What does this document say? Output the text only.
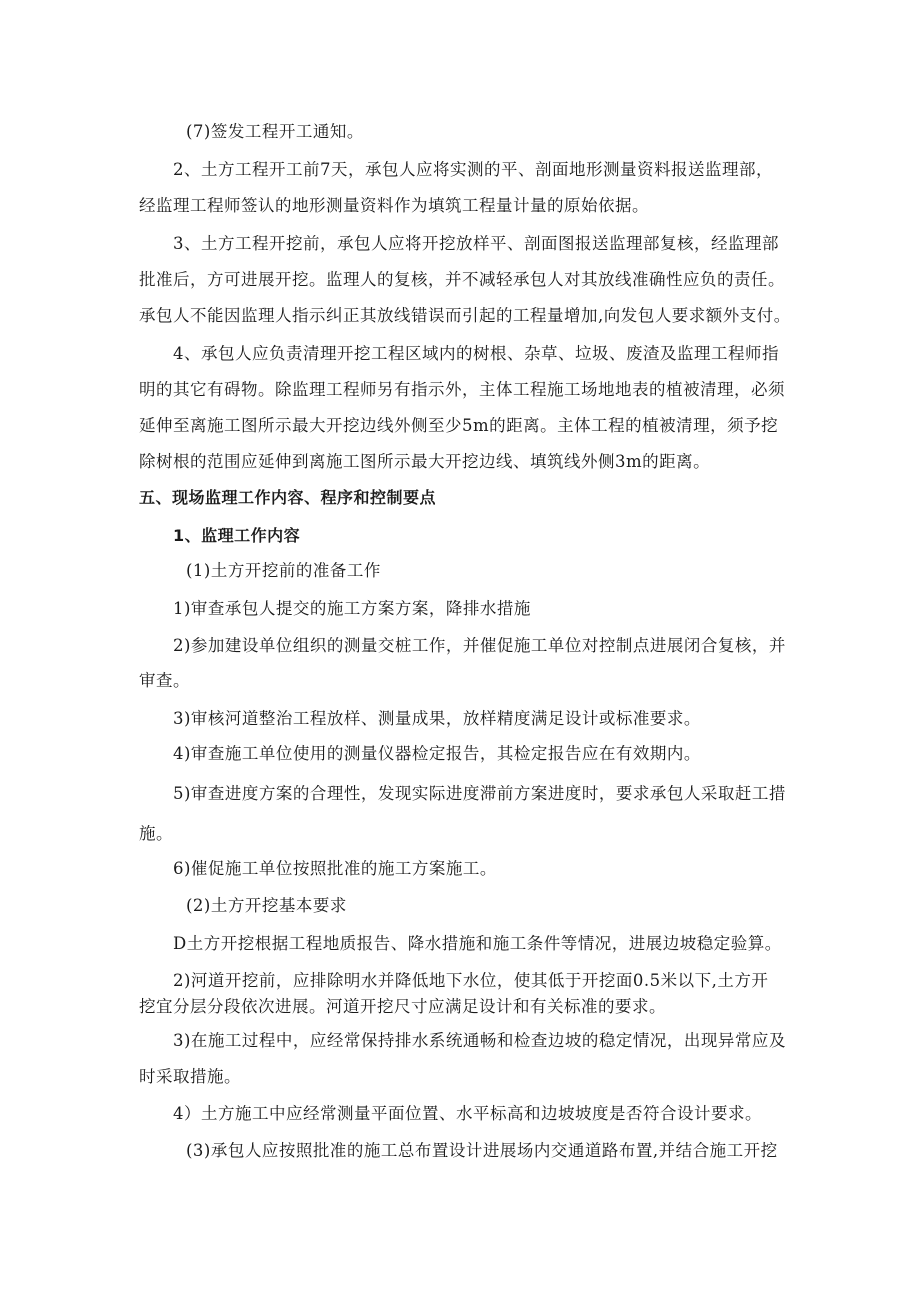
(7)签发工程开工通知。
2、土方工程开工前7天，承包人应将实测的平、剖面地形测量资料报送监理部，
经监理工程师签认的地形测量资料作为填筑工程量计量的原始依据。
3、土方工程开挖前，承包人应将开挖放样平、剖面图报送监理部复核，经监理部
批准后，方可进展开挖。监理人的复核，并不减轻承包人对其放线准确性应负的责任。
承包人不能因监理人指示纠正其放线错误而引起的工程量增加,向发包人要求额外支付。
4、承包人应负责清理开挖工程区域内的树根、杂草、垃圾、废渣及监理工程师指
明的其它有碍物。除监理工程师另有指示外，主体工程施工场地地表的植被清理，必须
延伸至离施工图所示最大开挖边线外侧至少5m的距离。主体工程的植被清理，须予挖
除树根的范围应延伸到离施工图所示最大开挖边线、填筑线外侧3m的距离。
五、现场监理工作内容、程序和控制要点
1、监理工作内容
(1)土方开挖前的准备工作
1)审查承包人提交的施工方案方案，降排水措施
2)参加建设单位组织的测量交桩工作，并催促施工单位对控制点进展闭合复核，并
审查。
3)审核河道整治工程放样、测量成果，放样精度满足设计或标准要求。
4)审查施工单位使用的测量仪器检定报告，其检定报告应在有效期内。
5)审查进度方案的合理性，发现实际进度滞前方案进度时，要求承包人采取赶工措
施。
6)催促施工单位按照批准的施工方案施工。
(2)土方开挖基本要求
D土方开挖根据工程地质报告、降水措施和施工条件等情况，进展边坡稳定验算。
2)河道开挖前，应排除明水并降低地下水位，使其低于开挖面0.5米以下,土方开
挖宜分层分段依次进展。河道开挖尺寸应满足设计和有关标准的要求。
3)在施工过程中，应经常保持排水系统通畅和检查边坡的稳定情况，出现异常应及
时采取措施。
4）土方施工中应经常测量平面位置、水平标高和边坡坡度是否符合设计要求。
(3)承包人应按照批准的施工总布置设计进展场内交通道路布置,并结合施工开挖
